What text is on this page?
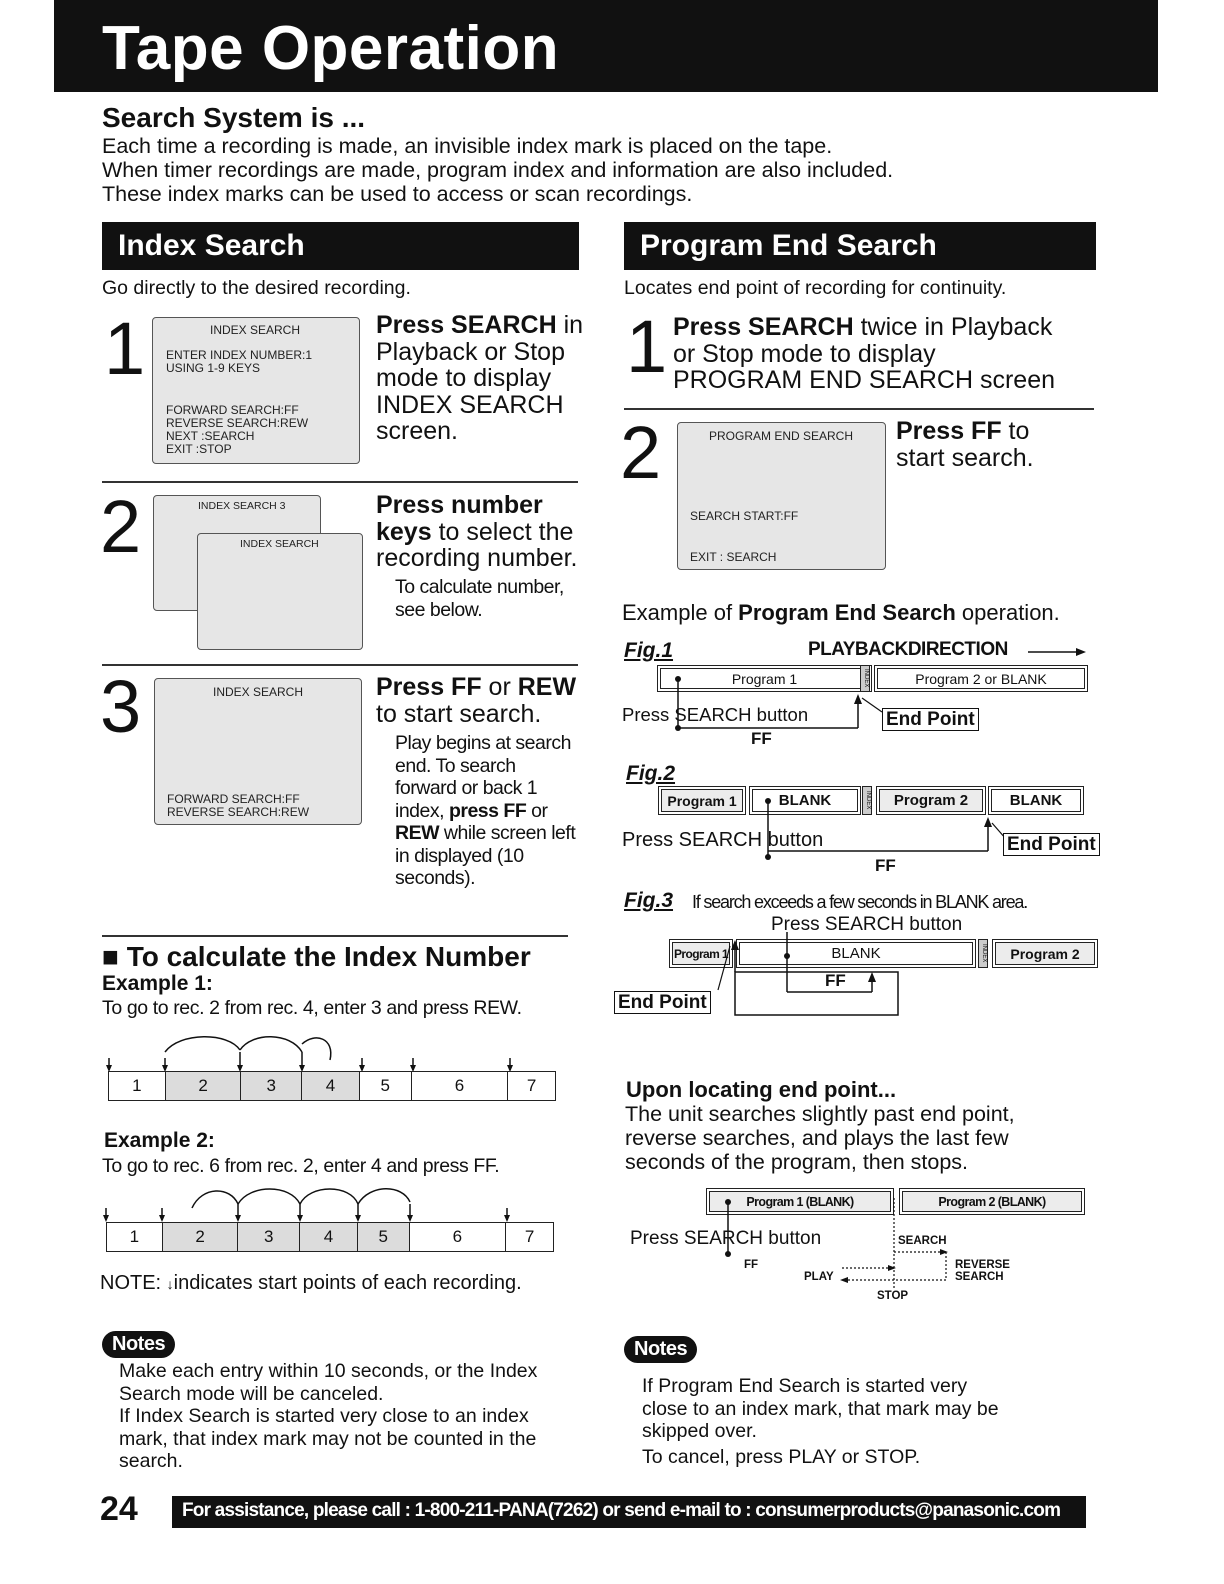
Tape Operation
Search System is ...
Each time a recording is made, an invisible index mark is placed on the tape.
When timer recordings are made, program index and information are also included.
These index marks can be used to access or scan recordings.
Index Search
Go directly to the desired recording.
1	INDEX SEARCH
ENTER INDEX NUMBER:1
USING 1-9 KEYS
FORWARD SEARCH:FF
REVERSE SEARCH:REW
NEXT :SEARCH
EXIT :STOP
Press SEARCH in
Playback or Stop
mode to display
INDEX SEARCH
screen.
2	INDEX SEARCH 3
INDEX SEARCH
Press number
keys to select the
recording number.
To calculate number,
see below.
3	INDEX SEARCH
FORWARD SEARCH:FF
REVERSE SEARCH:REW
Press FF or REW
to start search.
Play begins at search
end. To search
forward or back 1
index, press FF or
REW while screen left
in displayed (10
seconds).
■ To calculate the Index Number
Example 1:
To go to rec. 2 from rec. 4, enter 3 and press REW.
1	2	3	4	5	6	7
Example 2:
To go to rec. 6 from rec. 2, enter 4 and press FF.
1	2	3	4	5	6	7
NOTE: ↓indicates start points of each recording.
Notes
Make each entry within 10 seconds, or the Index
Search mode will be canceled.
If Index Search is started very close to an index
mark, that index mark may not be counted in the
search.
Program End Search
Locates end point of recording for continuity.
1 Press SEARCH twice in Playback
or Stop mode to display
PROGRAM END SEARCH screen
2	PROGRAM END SEARCH
SEARCH START:FF
EXIT : SEARCH
Press FF to
start search.
Example of Program End Search operation.
Fig.1	PLAYBACKDIRECTION
Program 1	INDEX	Program 2 or BLANK
Press SEARCH button	End Point
FF
Fig.2
Program 1	BLANK	INDEX	Program 2	BLANK
Press SEARCH button	End Point
FF
Fig.3 If search exceeds a few seconds in BLANK area.
Press SEARCH button
Program 1	BLANK	INDEX	Program 2
FF
End Point
Upon locating end point...
The unit searches slightly past end point,
reverse searches, and plays the last few
seconds of the program, then stops.
Program 1 (BLANK)	Program 2 (BLANK)
Press SEARCH button	SEARCH
FF
PLAY
REVERSE
SEARCH
STOP
Notes
If Program End Search is started very
close to an index mark, that mark may be
skipped over.
To cancel, press PLAY or STOP.
24	For assistance, please call : 1-800-211-PANA(7262) or send e-mail to : consumerproducts@panasonic.com
